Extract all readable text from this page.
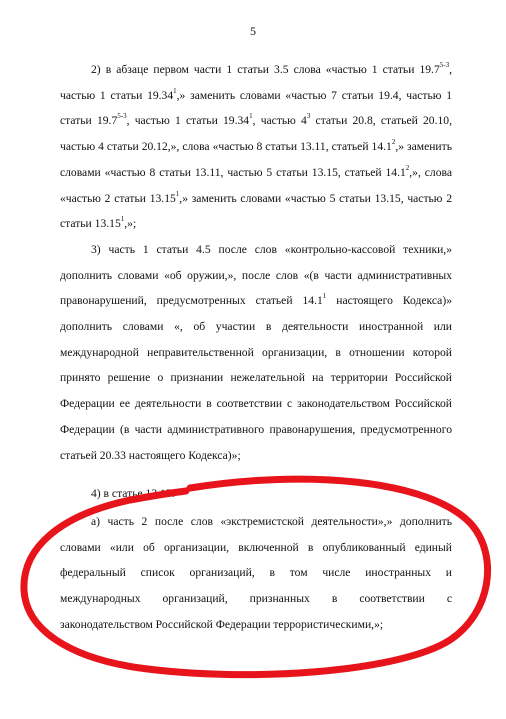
5

2) в абзаце первом части 1 статьи 3.5 слова «частью 1 статьи 19.7$^{5-3}$, частью 1 статьи 19.34$^1$,» заменить словами «частью 7 статьи 19.4, частью 1 статьи 19.7$^{5-3}$, частью 1 статьи 19.34$^1$, частью $4^3$ статьи 20.8, статьей 20.10, частью 4 статьи 20.12,», слова «частью 8 статьи 13.11, статьей 14.1$^2$,» заменить словами «частью 8 статьи 13.11, частью 5 статьи 13.15, статьей 14.1$^2$,», слова «частью 2 статьи 13.15$^1$,» заменить словами «частью 5 статьи 13.15, частью 2 статьи 13.15$^1$,»;

3) часть 1 статьи 4.5 после слов «контрольно-кассовой техники,» дополнить словами «об оружии,», после слов «(в части административных правонарушений, предусмотренных статьей 14.1$^1$ настоящего Кодекса)» дополнить словами «, об участии в деятельности иностранной или международной неправительственной организации, в отношении которой принято решение о признании нежелательной на территории Российской Федерации ее деятельности в соответствии с законодательством Российской Федерации (в части административного правонарушения, предусмотренного статьей 20.33 настоящего Кодекса)»;

4) в статье 13.15:

а) часть 2 после слов «экстремистской деятельности»,» дополнить словами «или об организации, включенной в опубликованный единый федеральный список организаций, в том числе иностранных и международных организаций, признанных в соответствии с законодательством Российской Федерации террористическими,»;
